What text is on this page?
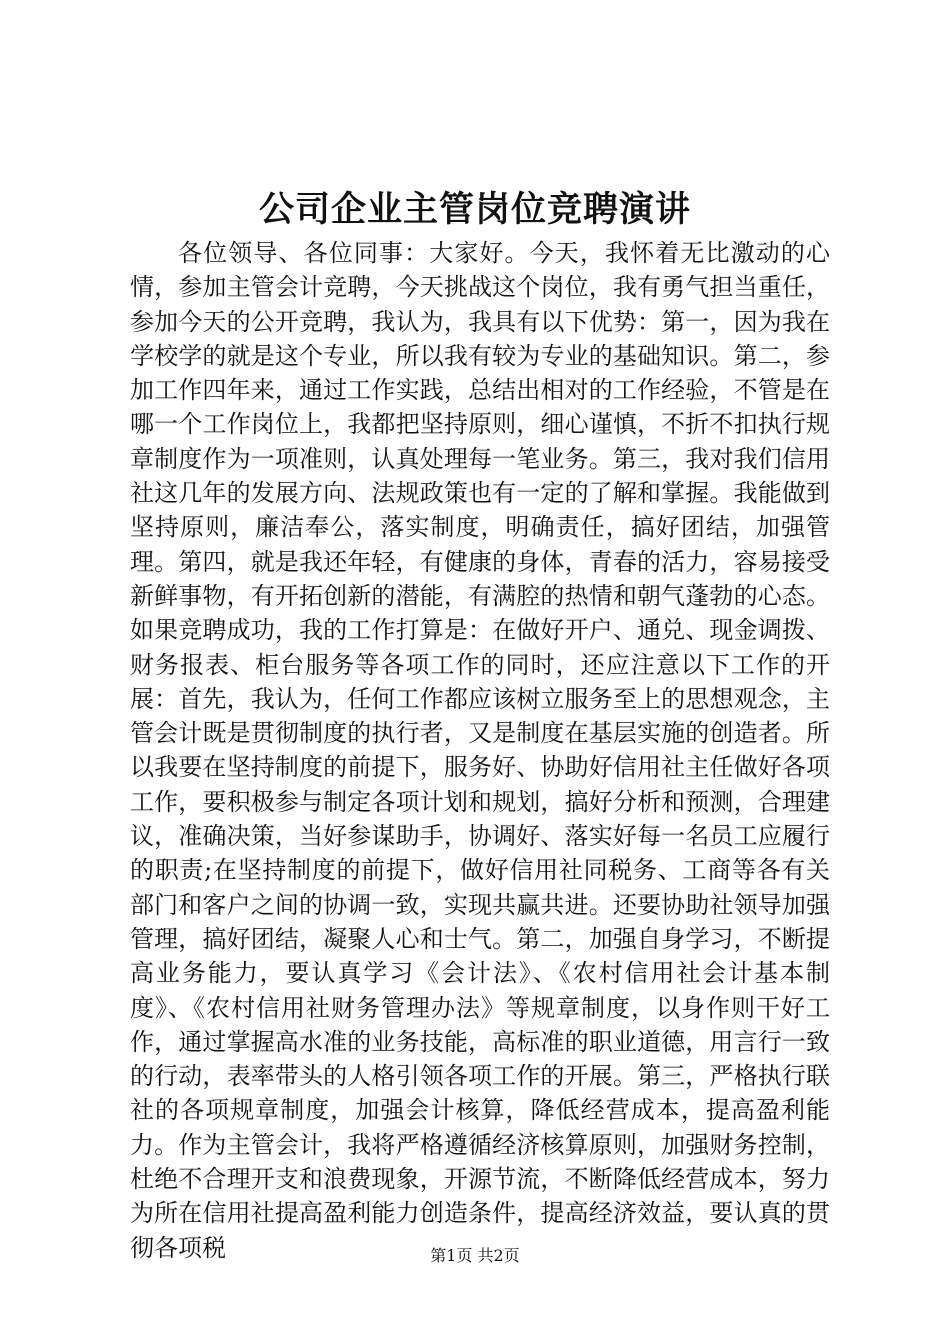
公司企业主管岗位竞聘演讲

各位领导、各位同事：大家好。今天，我怀着无比激动的心情，参加主管会计竞聘，今天挑战这个岗位，我有勇气担当重任，参加今天的公开竞聘，我认为，我具有以下优势：第一，因为我在学校学的就是这个专业，所以我有较为专业的基础知识。第二，参加工作四年来，通过工作实践，总结出相对的工作经验，不管是在哪一个工作岗位上，我都把坚持原则，细心谨慎，不折不扣执行规章制度作为一项准则，认真处理每一笔业务。第三，我对我们信用社这几年的发展方向、法规政策也有一定的了解和掌握。我能做到坚持原则，廉洁奉公，落实制度，明确责任，搞好团结，加强管理。第四，就是我还年轻，有健康的身体，青春的活力，容易接受新鲜事物，有开拓创新的潜能，有满腔的热情和朝气蓬勃的心态。如果竞聘成功，我的工作打算是：在做好开户、通兑、现金调拨、财务报表、柜台服务等各项工作的同时，还应注意以下工作的开展：首先，我认为，任何工作都应该树立服务至上的思想观念，主管会计既是贯彻制度的执行者，又是制度在基层实施的创造者。所以我要在坚持制度的前提下，服务好、协助好信用社主任做好各项工作，要积极参与制定各项计划和规划，搞好分析和预测，合理建议，准确决策，当好参谋助手，协调好、落实好每一名员工应履行的职责;在坚持制度的前提下，做好信用社同税务、工商等各有关部门和客户之间的协调一致，实现共赢共进。还要协助社领导加强管理，搞好团结，凝聚人心和士气。第二，加强自身学习，不断提高业务能力，要认真学习《会计法》、《农村信用社会计基本制度》、《农村信用社财务管理办法》等规章制度，以身作则干好工作，通过掌握高水准的业务技能，高标准的职业道德，用言行一致的行动，表率带头的人格引领各项工作的开展。第三，严格执行联社的各项规章制度，加强会计核算，降低经营成本，提高盈利能力。作为主管会计，我将严格遵循经济核算原则，加强财务控制，杜绝不合理开支和浪费现象，开源节流，不断降低经营成本，努力为所在信用社提高盈利能力创造条件，提高经济效益，要认真的贯彻各项税	第1页 共2页
